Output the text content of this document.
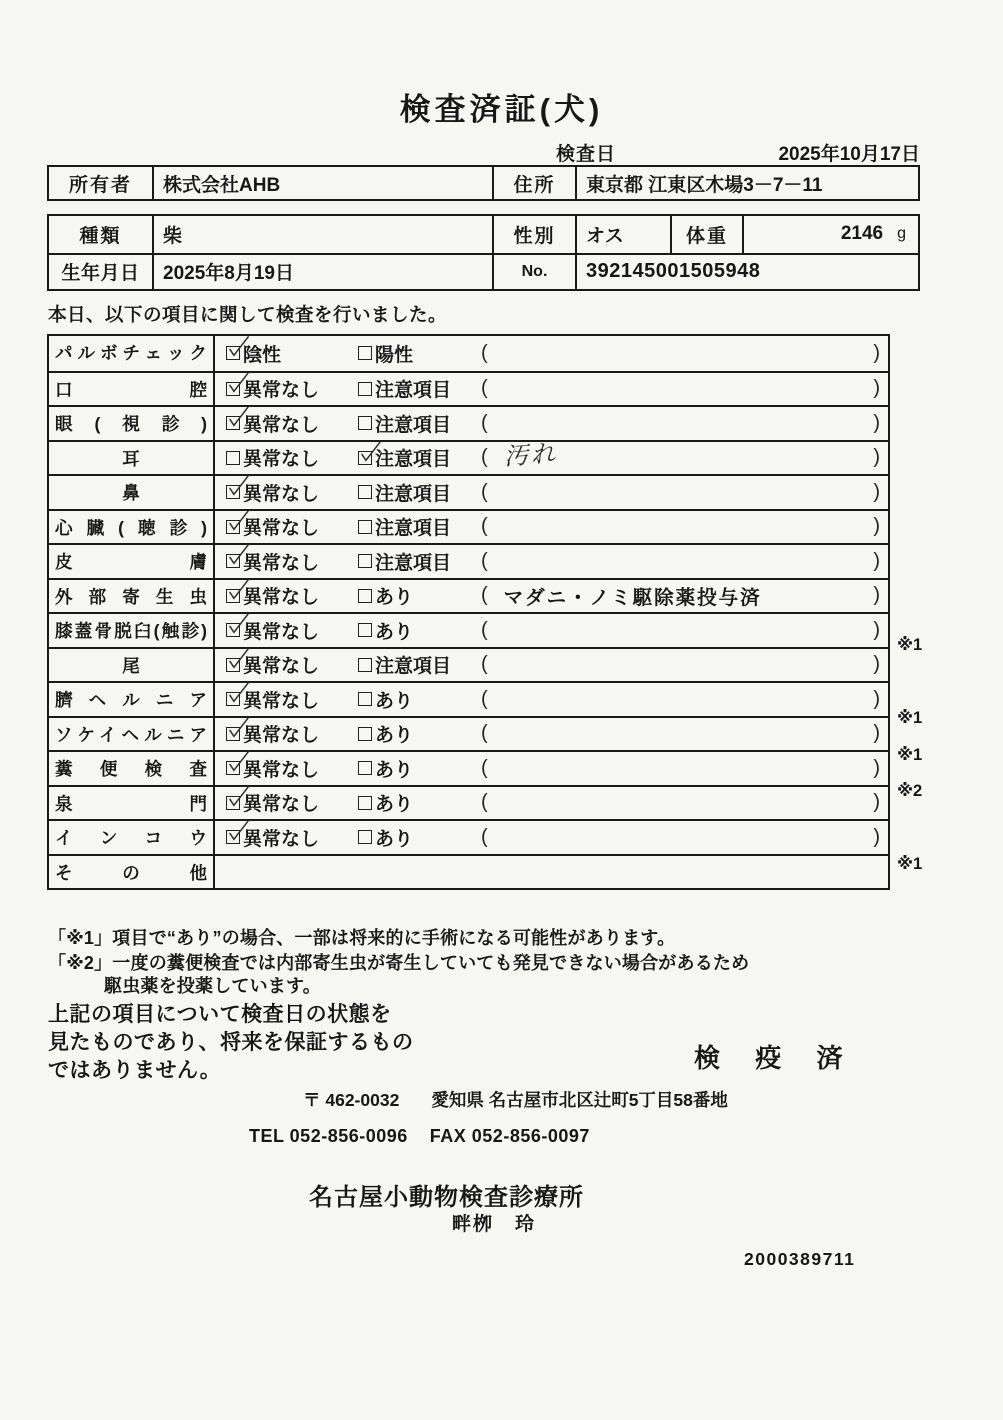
検査済証(犬)
検査日	2025年10月17日
所有者	株式会社AHB	住所	東京都 江東区木場3－7－11
種類	柴	性別	オス	体重	2146 g
生年月日	2025年8月19日	No.	392145001505948
本日、以下の項目に関して検査を行いました。
パルボチェック	陰性	陽性	(	)
口腔	異常なし	注意項目 (	)
眼(視診)	異常なし	注意項目 (	)
耳	異常なし	注意項目 ( 汚れ	)
鼻	異常なし	注意項目 (	)
心臓(聴診)	異常なし	注意項目 (	)
皮膚	異常なし	注意項目 (	)
外部寄生虫	異常なし	あり	( マダニ・ノミ駆除薬投与済	)
膝蓋骨脱臼(触診)	異常なし	あり	(	)
尾	異常なし	注意項目 (	)
臍ヘルニア	異常なし	あり	(	)
ソケイヘルニア	異常なし	あり	(	)
糞便検査	異常なし	あり	(	)
泉門	異常なし	あり	(	)
インコウ	異常なし	あり	(	)
その他
※1
※1
※1
※2
※1
「※1」項目で“あり”の場合、一部は将来的に手術になる可能性があります。
「※2」一度の糞便検査では内部寄生虫が寄生していても発見できない場合があるため
駆虫薬を投薬しています。
上記の項目について検査日の状態を
見たものであり、将来を保証するもの
ではありません。	検 疫 済
〒 462-0032 愛知県 名古屋市北区辻町5丁目58番地
TEL 052-856-0096 FAX 052-856-0097
名古屋小動物検査診療所
畔栁　玲
2000389711
